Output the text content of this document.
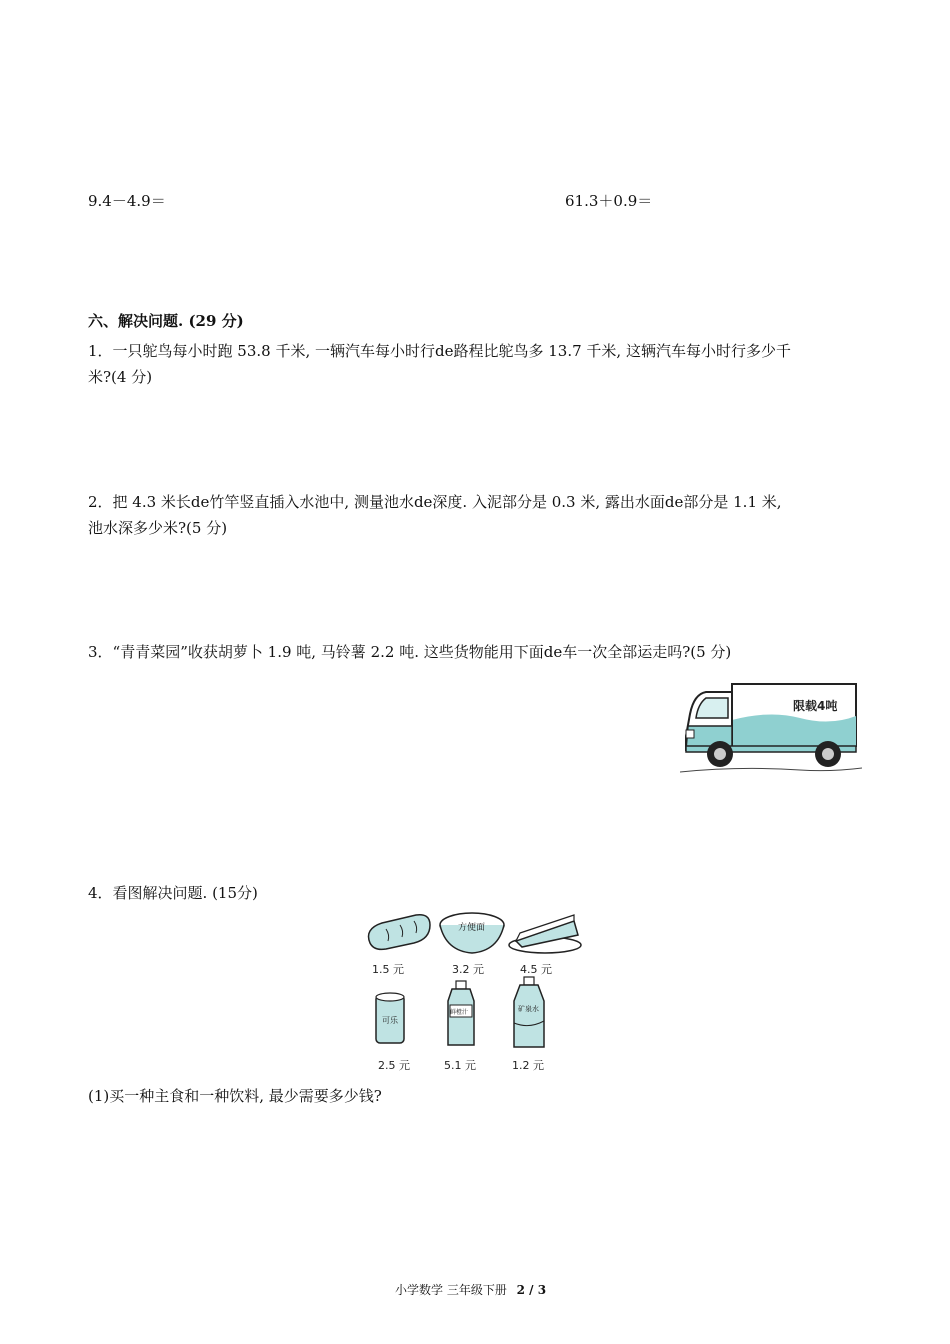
9.4－4.9＝	61.3＋0.9＝
六、解决问题. (29 分)
1．一只鸵鸟每小时跑 53.8 千米, 一辆汽车每小时行de路程比鸵鸟多 13.7 千米, 这辆汽车每小时行多少千
米?(4 分)
2．把 4.3 米长de竹竿竖直插入水池中, 测量池水de深度. 入泥部分是 0.3 米, 露出水面de部分是 1.1 米,
池水深多少米?(5 分)
3．“青青菜园”收获胡萝卜 1.9 吨, 马铃薯 2.2 吨. 这些货物能用下面de车一次全部运走吗?(5 分)
限载4吨
4．看图解决问题. (15分)
1.5 元
方便面
3.2 元	4.5 元
可乐
2.5 元
鲜橙汁
5.1 元
矿泉水
1.2 元
(1)买一种主食和一种饮料, 最少需要多少钱?
小学数学 三年级下册 2 / 3
